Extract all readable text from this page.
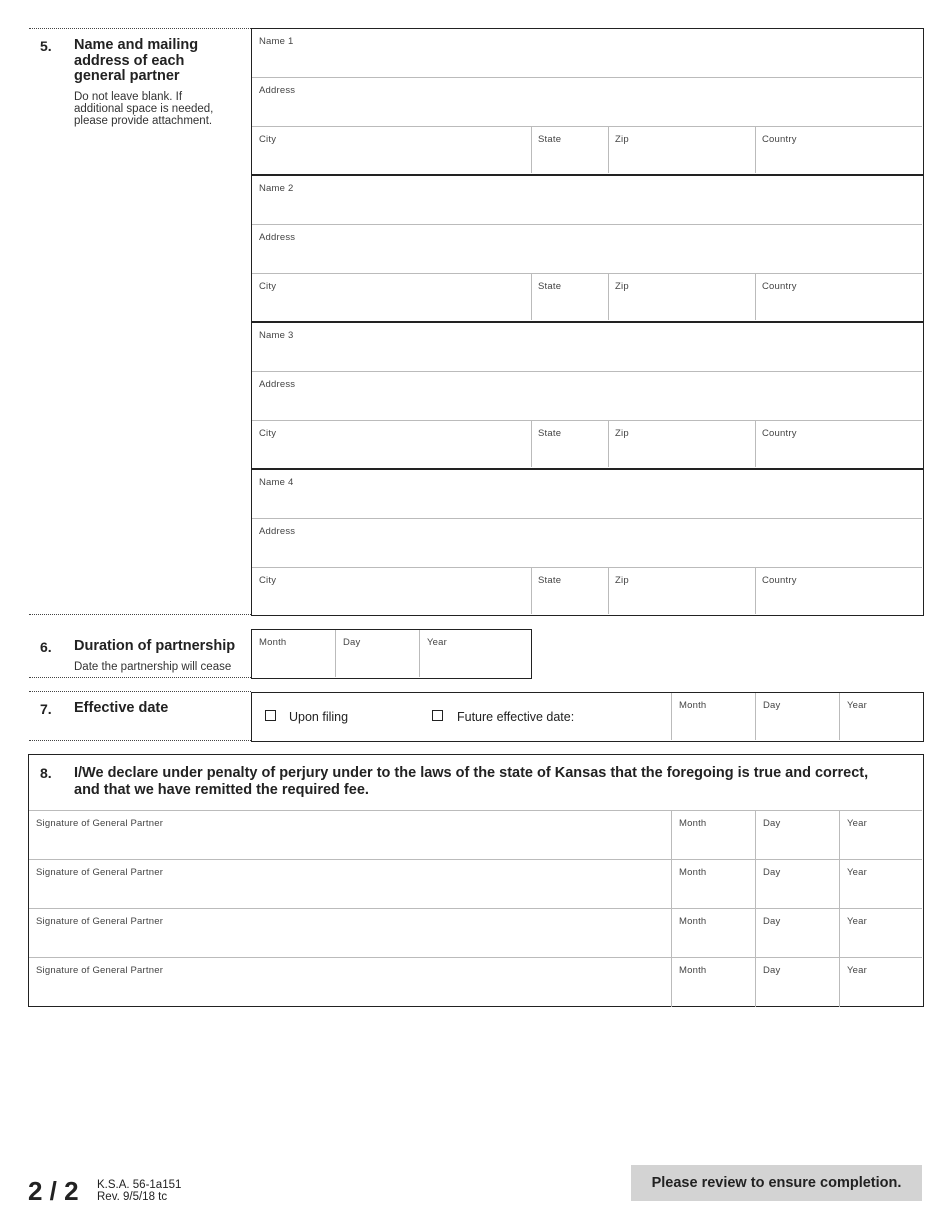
5. Name and mailing address of each general partner
Do not leave blank. If additional space is needed, please provide attachment.
Name 1
Address
City	State	Zip	Country
Name 2
Address
City	State	Zip	Country
Name 3
Address
City	State	Zip	Country
Name 4
Address
City	State	Zip	Country
6. Duration of partnership
Date the partnership will cease
Month	Day	Year
7. Effective date
Upon filing	Future effective date:
Month	Day	Year
8. I/We declare under penalty of perjury under to the laws of the state of Kansas that the foregoing is true and correct, and that we have remitted the required fee.
Signature of General Partner	Month	Day	Year
Signature of General Partner	Month	Day	Year
Signature of General Partner	Month	Day	Year
Signature of General Partner	Month	Day	Year
2 / 2 K.S.A. 56-1a151
Rev. 9/5/18 tc
Please review to ensure completion.
